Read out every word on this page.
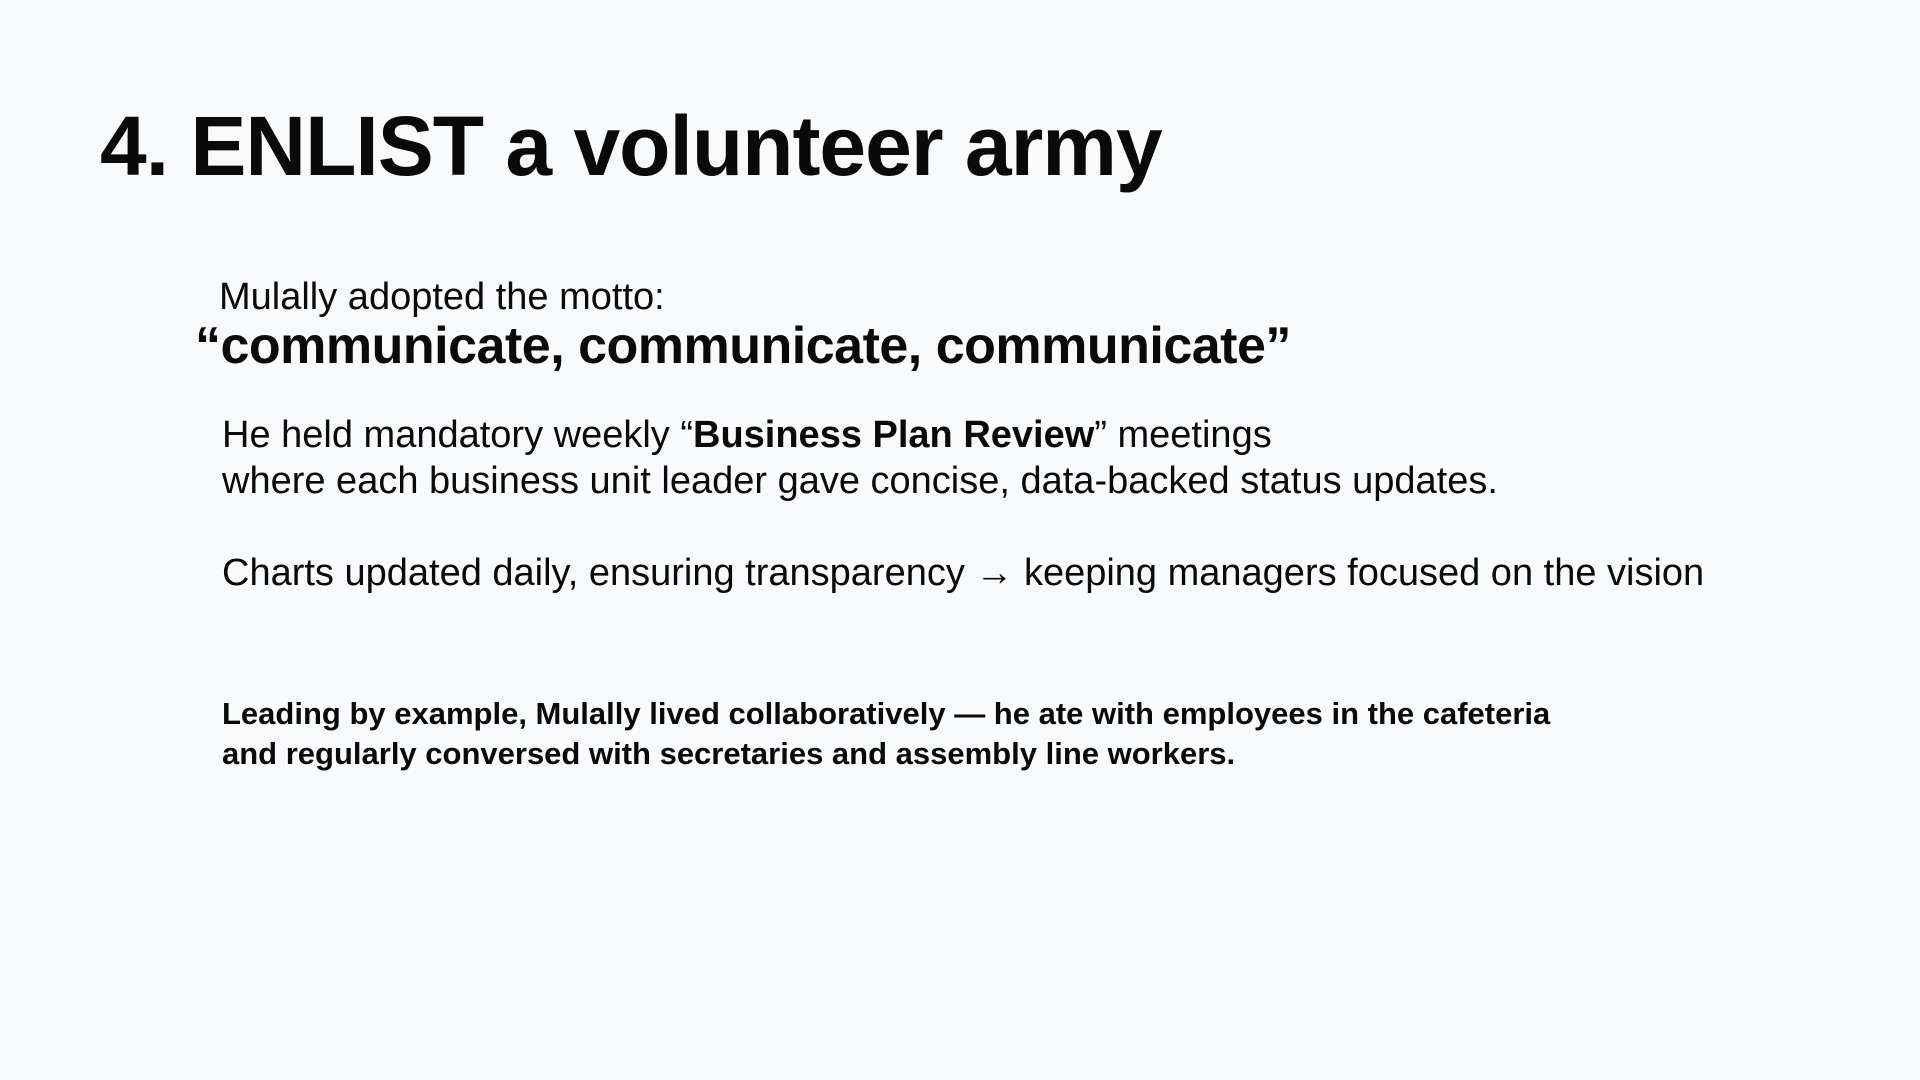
4. ENLIST a volunteer army
Mulally adopted the motto:
“communicate, communicate, communicate”
He held mandatory weekly “Business Plan Review” meetings
where each business unit leader gave concise, data-backed status updates.
Charts updated daily, ensuring transparency → keeping managers focused on the vision
Leading by example, Mulally lived collaboratively — he ate with employees in the cafeteria
and regularly conversed with secretaries and assembly line workers.
